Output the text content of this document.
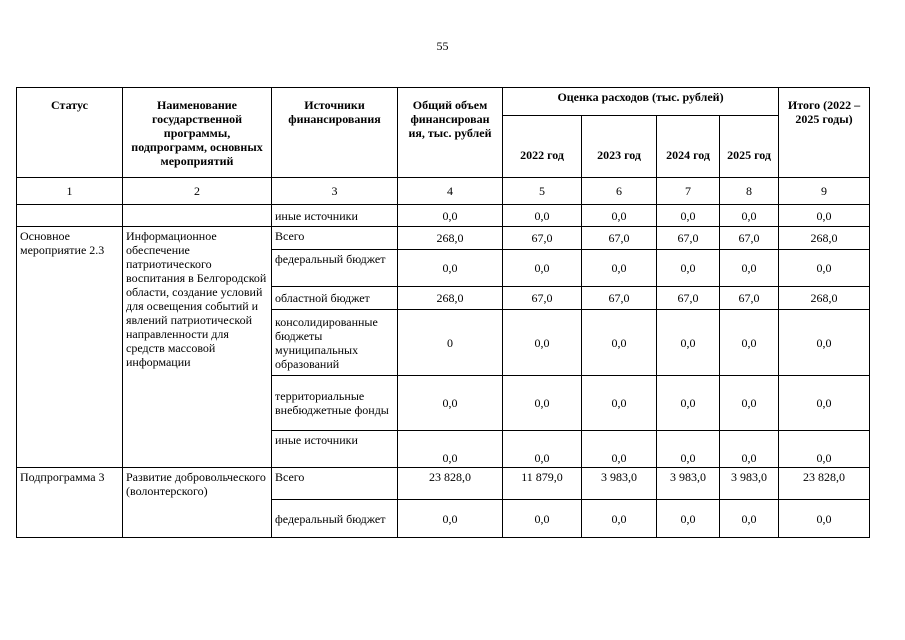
55
Статус	Наименование государственной программы, подпрограмм, основных мероприятий	Источники финансирования	Общий объем финансирован ия, тыс. рублей	Оценка расходов (тыс. рублей)				Итого (2022 – 2025 годы)
				2022 год	2023 год	2024 год	2025 год	
1	2	3	4	5	6	7	8	9
		иные источники	0,0	0,0	0,0	0,0	0,0	0,0
Основное мероприятие 2.3	Информационное обеспечение патриотического воспитания в Белгородской области, создание условий для освещения событий и явлений патриотической направленности для средств массовой информации	Всего	268,0	67,0	67,0	67,0	67,0	268,0
		федеральный бюджет	0,0	0,0	0,0	0,0	0,0	0,0
		областной бюджет	268,0	67,0	67,0	67,0	67,0	268,0
		консолидированные бюджеты муниципальных образований	0	0,0	0,0	0,0	0,0	0,0
		территориальные внебюджетные фонды	0,0	0,0	0,0	0,0	0,0	0,0
		иные источники	0,0	0,0	0,0	0,0	0,0	0,0
Подпрограмма 3	Развитие добровольческого (волонтерского)	Всего	23 828,0	11 879,0	3 983,0	3 983,0	3 983,0	23 828,0
		федеральный бюджет	0,0	0,0	0,0	0,0	0,0	0,0
